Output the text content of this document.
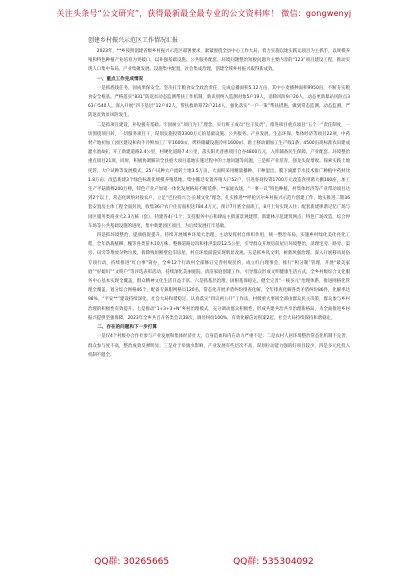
关注头条号“公文研究”，获得最新最全最专业的公文资料库！ 微信：gongwenyj
创建乡村振兴示范区工作情况汇报

2023年，**乡按照创建省级乡村振兴示范区部署要求，紧紧围绕全县中心工作大局，着力实施以地实践运项目为主抓手，以规模养殖和特色种植产业培育为突破口，以补强基础设施、公共服务配套、环境问题整治短板问题为主要内容的“123”项目建设工程，推动实现人口集中布局、产业集聚发展、设施集中配置，社会集成治理，创建全域乡村振兴取得新成效。

一、重点工作完成情况

一是抓底线任务，固成果保安全。坚决扛牢粮食安全政治责任，完成总播面积5.12万亩，其中小麦播种面积9950亩，不断夯实粮食安全根基。严格落实“831”防返贫动态监测帮扶工作机制，新识别纳入监测对象5户19人，消除风险9户26人，动态更新暴站风险点363户540人。深入开展“四下基层”12户42人，帮扶救助筹72户214人，强化落实“一户一策”帮扶措施，做到常态监测、动态监测，严防返贫致贫风险发生。

二是抓项目建设，补短板夯基础。牢固树立“项目为王”理念，实行班子成员“包干负责”，推进项目重点项目“五个一”责任制度，一切围绕项目转，一切服务项目干，谋划实施投资3300万元的基础设施、公共服务、产业发展、生态环保、集体经济等项目22项，中药材产地初加工园区建设和肉牛冷鲜加工厂宰1600㎡、烤料储藏设施冷库1600㎡、新上移动铜加工生产线1条；4500亩高标准农田建成灌水池4座；开工新建道路2.4公里，村硬化道路7.4公里，落实阳光普惠项目仓谷4800万元，入库辅备民生保障，产业配套、环境整治重点项目21项，同时，积极协调解决全县重大项目落地实施过程中的土地问题等问题，三是抓产业培育，强龙头促增收。探索实践土地托管、大户试种等发展模式，25户试种大户流转土地3.5万亩，大面积采用精量播种、干种湿出、膜下滴灌节水技术推广种植中药材比1.8万亩；改造新建3个绿色标准化规模养殖基地，集中搬迁安置养殖大户52户，引进客商投资1700万元改造食用菌大棚100座，加工生产平菇菌棒200万棒，特色产业产加销一体化发展格局不断延伸。**家庭农场，“一事一议”特色种植，村集体经济等产业带动项目达到2个以上，常态化吸纳对接农户，立足“巴拉特兴合·长城文化”理念，扎实推进**呼伦贝尔乡村振兴示范片创建工作，地实推进二期36套安置房主体工程全面封顶，收集36户农户住房面积达784.4万元，预计7月底全面竣工，8月上旬实现入住；配套新建律谐记忆广场与园区服务类商业大2.3万栋（套），特建各4户1个；支持服务中心和肆站主街道景观建带，新建林示范建筑网点，特色广场改造，综合停车场等公共基础设施的进度，集中新建园区项目，为后续发展打牢基础。

四是抓环境整治，提颜值促提升。持续开展城乡环境大治理，主动发挥村自组织作用，统一整治布局，实施乡村绿化美化亮化工程，全年新栽植柳、槐等各类苗木10万株，整修道路边沟和排洪渠段12.5公里，引导群众开展房前屋后环境整治，清理宅旁、路旁、渠旁、田旁等堆放杂物垃圾，拆除残垣断壁危旧房屋，村庄环境面貌实现明显改观。五是抓乡风文明，树新风强治理。深入开展移风易俗专项行动，持续推进“红白事”简办，全乡12个行政村全部修订完善村规民约，成立红白理事会，推行“积分制”管理，开展“最美家庭”“好媳妇”“文明户”等评选表彰活动，持续深化美丽庭院、清洁家庭创建工作，引导群众形成文明健康生活方式，全乡村级综合文化服务中心基本实现全覆盖，群众精神文化生活日益丰富。六是抓基层治理，固根基保稳定。健全完善“一核多元”治理体系，推进网格化管理全覆盖，划分综合网格46个，配备专兼职网格员120名，常态化开展矛盾纠纷排查化解，全年排查化解各类矛盾纠纷86件，化解率达98%，“平安**”建设持续深化，社会大局和谐稳定。认真落实“四议两公开”工作法，村级重大事项全部由群众民主决策，群众参与乡村治理的积极性有效提升。七是推动“1+3+3+N”乡村治理模式，充分调动群众积极性，形成共建共治共享治理新格局，为全面推进乡村振兴提供坚强保障，2023年全乡共召开各类会议38次，调处纠纷100%，有效化解信访积案2起，社会大局持续保持和谐稳定。

二、存在的问题和下一步打算

一是仅4个村级办合作社参与产业发展和集体经济壮大，自身造血和内在动力严重不足；二是农村人居环境整治常态化机制不完善，群众参与度不高，整治成效反弹明显；三是对于举旗水影响，产业发展有些层次不高，谋划拉动能力强的好项目较少，四是多元化投入机制不健全。

QQ群: 30265665	QQ群: 535304092
